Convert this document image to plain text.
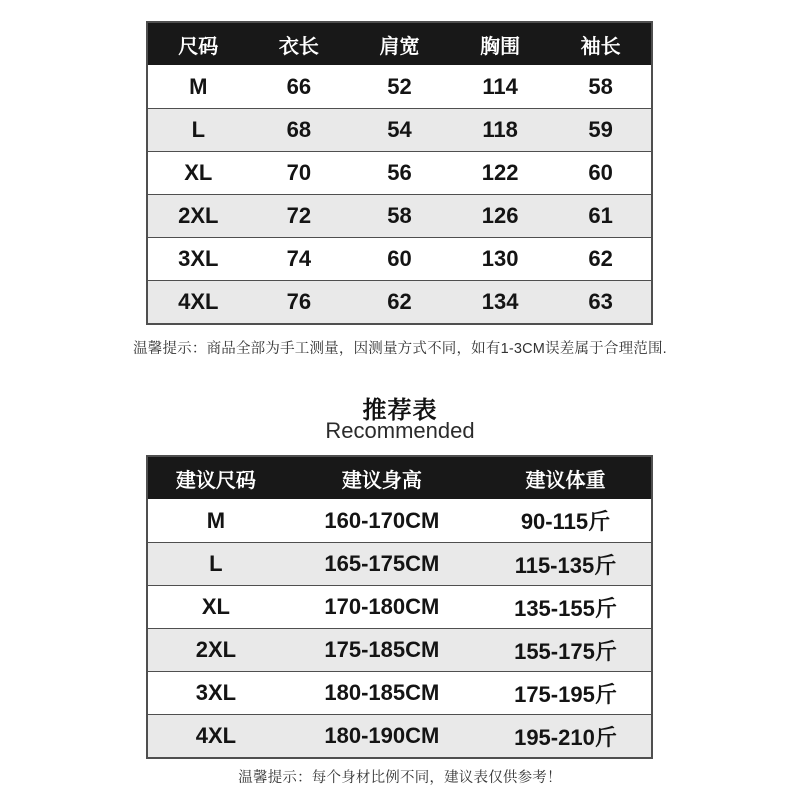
尺码	衣长	肩宽	胸围	袖长
M	66	52	114	58
L	68	54	118	59
XL	70	56	122	60
2XL	72	58	126	61
3XL	74	60	130	62
4XL	76	62	134	63
温馨提示：商品全部为手工测量，因测量方式不同，如有1-3CM误差属于合理范围.
推荐表
Recommended
建议尺码	建议身高	建议体重
M	160-170CM	90-115斤
L	165-175CM	115-135斤
XL	170-180CM	135-155斤
2XL	175-185CM	155-175斤
3XL	180-185CM	175-195斤
4XL	180-190CM	195-210斤
温馨提示：每个身材比例不同，建议表仅供参考！
